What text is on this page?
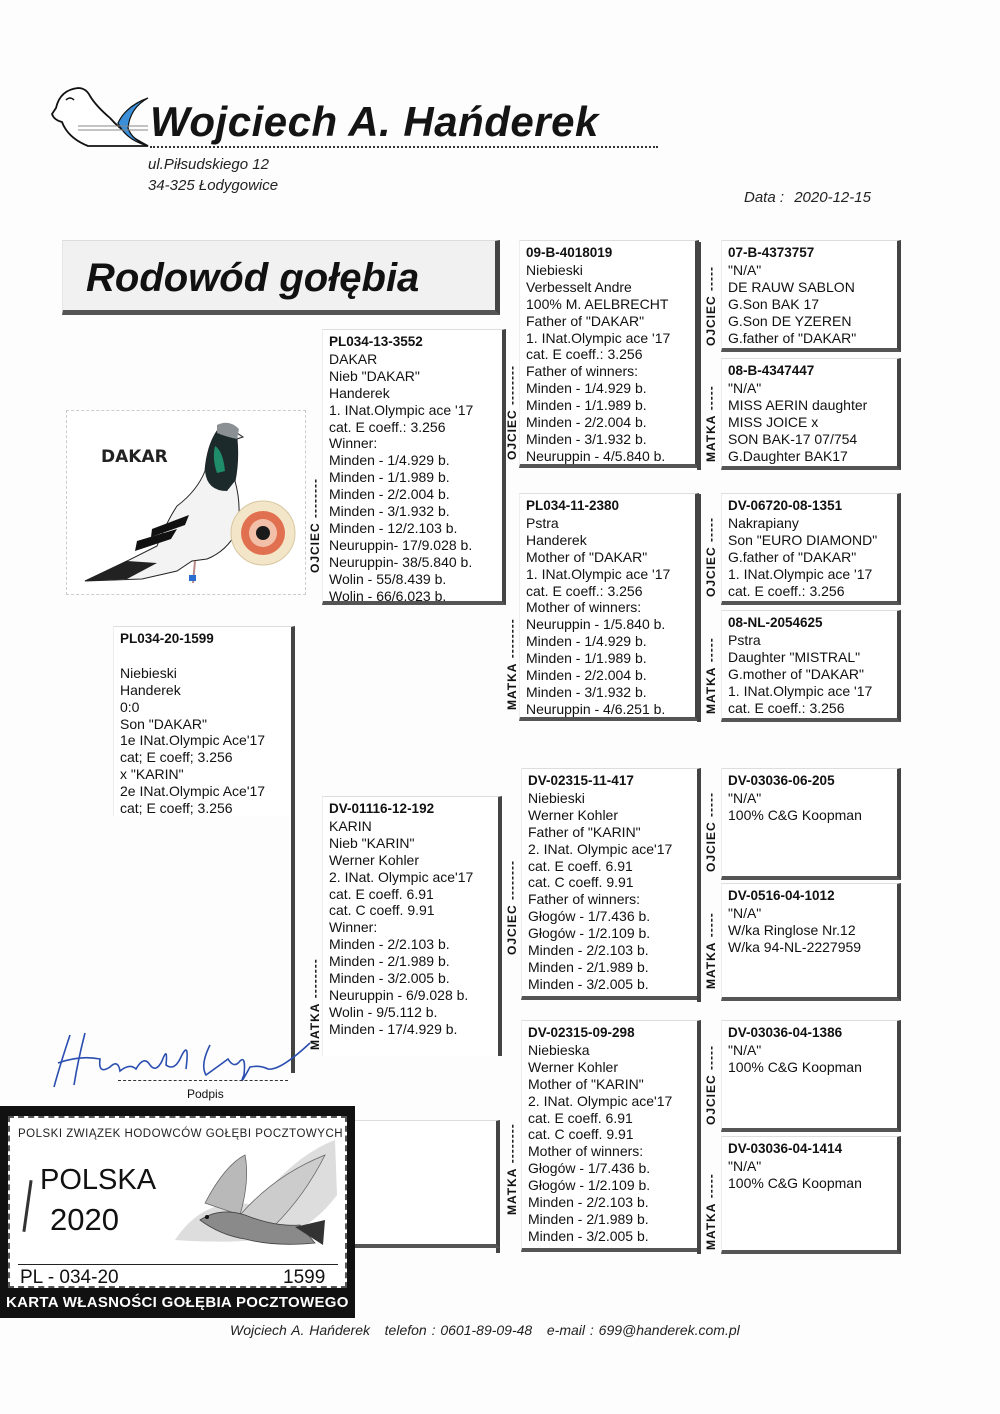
Wojciech A. Hańderek
ul.Piłsudskiego 12
34-325 Łodygowice
Data : 2020-12-15
Rodowód gołębia
DAKAR
PL034-20-1599
Niebieski
Handerek
0:0
Son "DAKAR"
1e INat.Olympic Ace'17
cat; E coeff; 3.256
x "KARIN"
2e INat.Olympic Ace'17
cat; E coeff; 3.256
OJCIEC --------
PL034-13-3552
DAKAR
Nieb "DAKAR"
Handerek
1. INat.Olympic ace '17
cat. E coeff.: 3.256
Winner:
Minden - 1/4.929 b.
Minden - 1/1.989 b.
Minden - 2/2.004 b.
Minden - 3/1.932 b.
Minden - 12/2.103 b.
Neuruppin- 17/9.028 b.
Neuruppin- 38/5.840 b.
Wolin - 55/8.439 b.
Wolin - 66/6.023 b.
MATKA --------
DV-01116-12-192
KARIN
Nieb "KARIN"
Werner Kohler
2. INat. Olympic ace'17
cat. E coeff. 6.91
cat. C coeff. 9.91
Winner:
Minden - 2/2.103 b.
Minden - 2/1.989 b.
Minden - 3/2.005 b.
Neuruppin - 6/9.028 b.
Wolin - 9/5.112 b.
Minden - 17/4.929 b.
OJCIEC --------
09-B-4018019
Niebieski
Verbesselt Andre
100% M. AELBRECHT
Father of "DAKAR"
1. INat.Olympic ace '17
cat. E coeff.: 3.256
Father of winners:
Minden - 1/4.929 b.
Minden - 1/1.989 b.
Minden - 2/2.004 b.
Minden - 3/1.932 b.
Neuruppin - 4/5.840 b.
MATKA --------
PL034-11-2380
Pstra
Handerek
Mother of "DAKAR"
1. INat.Olympic ace '17
cat. E coeff.: 3.256
Mother of winners:
Neuruppin - 1/5.840 b.
Minden - 1/4.929 b.
Minden - 1/1.989 b.
Minden - 2/2.004 b.
Minden - 3/1.932 b.
Neuruppin - 4/6.251 b.
OJCIEC --------
DV-02315-11-417
Niebieski
Werner Kohler
Father of "KARIN"
2. INat. Olympic ace'17
cat. E coeff. 6.91
cat. C coeff. 9.91
Father of winners:
Głogów - 1/7.436 b.
Głogów - 1/2.109 b.
Minden - 2/2.103 b.
Minden - 2/1.989 b.
Minden - 3/2.005 b.
MATKA --------
DV-02315-09-298
Niebieska
Werner Kohler
Mother of "KARIN"
2. INat. Olympic ace'17
cat. E coeff. 6.91
cat. C coeff. 9.91
Mother of winners:
Głogów - 1/7.436 b.
Głogów - 1/2.109 b.
Minden - 2/2.103 b.
Minden - 2/1.989 b.
Minden - 3/2.005 b.
OJCIEC -----
07-B-4373757
"N/A"
DE RAUW SABLON
G.Son BAK 17
G.Son DE YZEREN
G.father of "DAKAR"
MATKA -----
08-B-4347447
"N/A"
MISS AERIN daughter
MISS JOICE x
SON BAK-17 07/754
G.Daughter BAK17
OJCIEC -----
DV-06720-08-1351
Nakrapiany
Son "EURO DIAMOND"
G.father of "DAKAR"
1. INat.Olympic ace '17
cat. E coeff.: 3.256
MATKA -----
08-NL-2054625
Pstra
Daughter "MISTRAL"
G.mother of "DAKAR"
1. INat.Olympic ace '17
cat. E coeff.: 3.256
OJCIEC -----
DV-03036-06-205
"N/A"
100% C&G Koopman
MATKA -----
DV-0516-04-1012
"N/A"
W/ka Ringlose Nr.12
W/ka 94-NL-2227959
OJCIEC -----
DV-03036-04-1386
"N/A"
100% C&G Koopman
MATKA -----
DV-03036-04-1414
"N/A"
100% C&G Koopman
Podpis
POLSKI ZWIĄZEK HODOWCÓW GOŁĘBI POCZTOWYCH
POLSKA
2020
PL - 034-20	1599
KARTA WŁASNOŚCI GOŁĘBIA POCZTOWEGO
Wojciech A. Hańderek   telefon : 0601-89-09-48   e-mail : 699@handerek.com.pl
